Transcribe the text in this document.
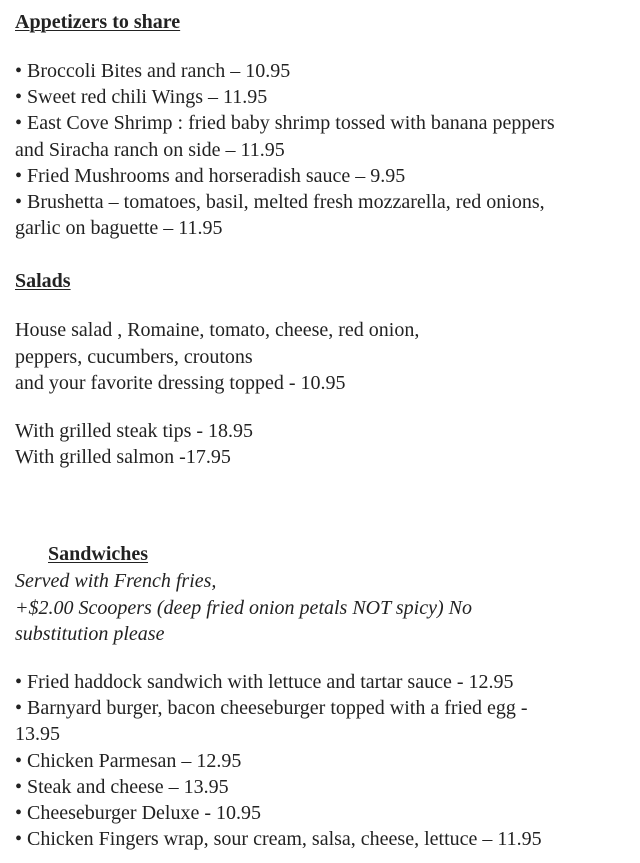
Appetizers to share
• Broccoli Bites and ranch – 10.95
• Sweet red chili Wings – 11.95
• East Cove Shrimp : fried baby shrimp tossed with banana peppers
and Siracha ranch on side – 11.95
• Fried Mushrooms and horseradish sauce – 9.95
• Brushetta – tomatoes, basil, melted fresh mozzarella, red onions,
garlic on baguette – 11.95
Salads
House salad , Romaine, tomato, cheese, red onion,
peppers, cucumbers, croutons
and your favorite dressing topped - 10.95
With grilled steak tips - 18.95
With grilled salmon -17.95
Sandwiches
Served with French fries,
+$2.00 Scoopers (deep fried onion petals NOT spicy) No
substitution please
• Fried haddock sandwich with lettuce and tartar sauce - 12.95
• Barnyard burger, bacon cheeseburger topped with a fried egg -
13.95
• Chicken Parmesan – 12.95
• Steak and cheese – 13.95
• Cheeseburger Deluxe - 10.95
• Chicken Fingers wrap, sour cream, salsa, cheese, lettuce – 11.95
